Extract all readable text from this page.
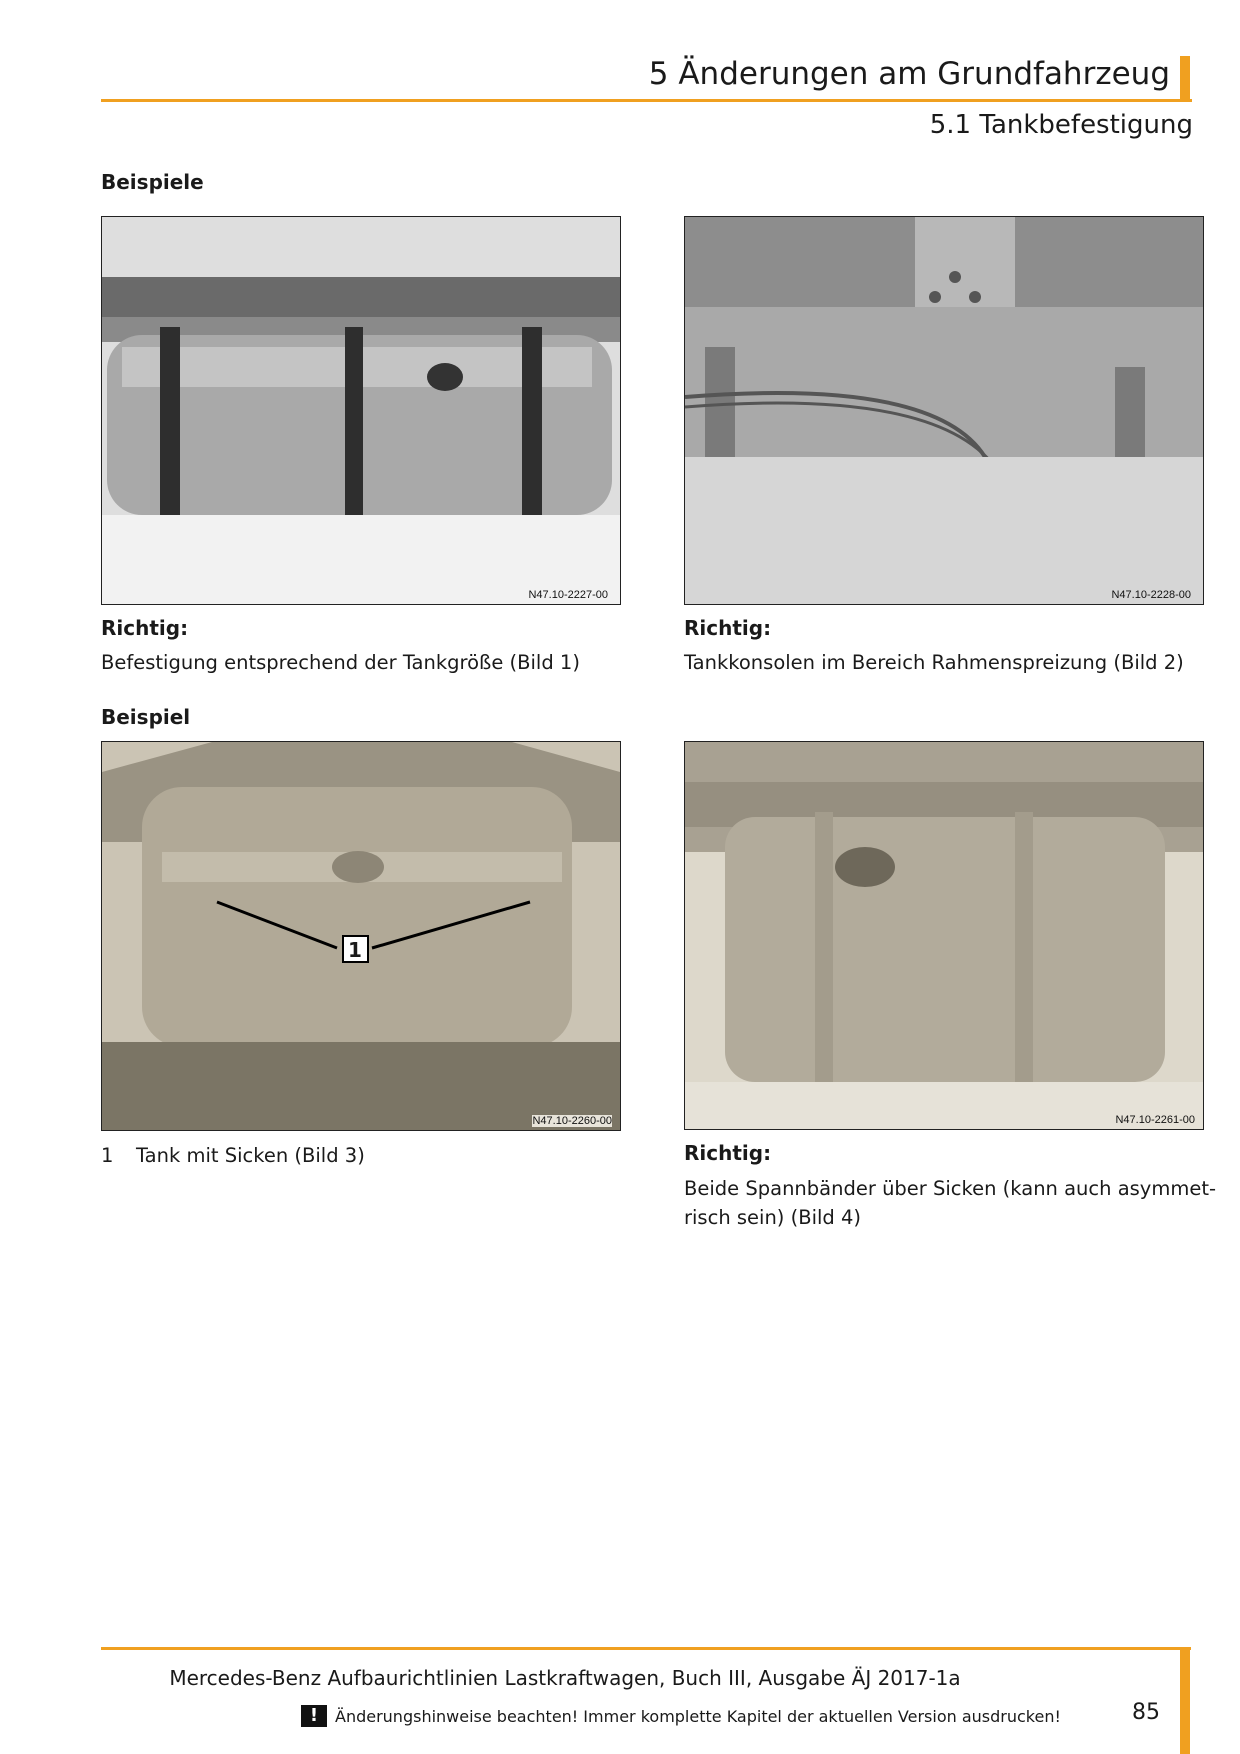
5 Änderungen am Grundfahrzeug
5.1 Tankbefestigung
Beispiele
N47.10-2227-00	N47.10-2228-00
Richtig:
Befestigung entsprechend der Tankgröße (Bild 1)
Richtig:
Tankkonsolen im Bereich Rahmenspreizung (Bild 2)
Beispiel
1
N47.10-2260-00	N47.10-2261-00
1 Tank mit Sicken (Bild 3)	Richtig:
Beide Spannbänder über Sicken (kann auch asymmet-
risch sein) (Bild 4)
Mercedes-Benz Aufbaurichtlinien Lastkraftwagen, Buch III, Ausgabe ÄJ 2017-1a
!	Änderungshinweise beachten! Immer komplette Kapitel der aktuellen Version ausdrucken!	85
